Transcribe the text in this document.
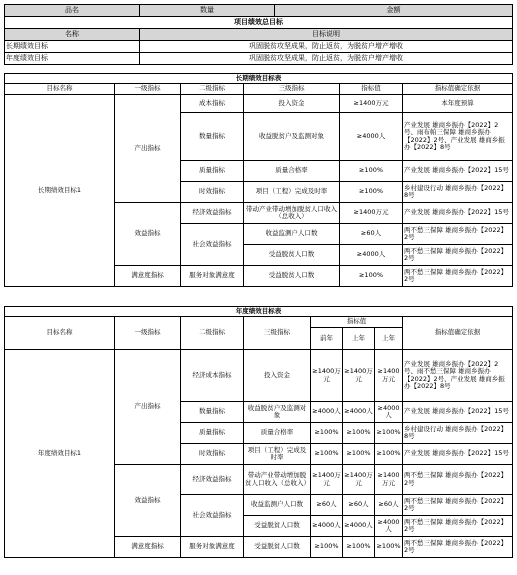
品名	数量	金额
项目绩效总目标		
名称	目标说明	
长期绩效目标	巩固脱贫攻坚成果，防止返贫，为脱贫户增产增收	
年度绩效目标	巩固脱贫攻坚成果，防止返贫，为脱贫户增产增收	
长期绩效目标表					
目标名称	一级指标	二级指标	三级指标	指标值	指标值确定依据
长期绩效目标1	产出指标	成本指标	投入资金	≥1400万元	本年度预算
		数量指标	收益脱贫户及监测对象	≥4000人	产业发展 雄商乡振办【2022】2号、雨布帕三保障 雄商乡振办【2022】2号、产业发展 雄商乡振办【2022】8号
		质量指标	质量合格率	≥100%	产业发展 雄商乡振办【2022】15号
		时效指标	项目（工程）完成及时率	≥100%	乡村建设行动 雄商乡振办【2022】8号
	效益指标	经济效益指标	带动产业带动增加脱贫人口收入（总收入）	≥1400万元	产业发展 雄商乡振办【2022】15号
		社会效益指标	收益监测户人口数	≥60人	两不愁三保障 雄商乡振办【2022】2号
			受益脱贫人口数	≥4000人	两不愁三保障 雄商乡振办【2022】2号
	满意度指标	服务对象满意度	受益脱贫人口数	≥100%	两不愁三保障 雄商乡振办【2022】2号
年度绩效目标表							
目标名称	一级指标	二级指标	三级指标	指标值			指标值确定依据
				前年	上年	上年	
年度绩效目标1	产出指标	经济成本指标	投入资金	≥1400万元	≥1400万元	≥1400万元	产业发展 雄商乡振办【2022】2号、雨不愁三保障 雄商乡振办【2022】2号、产业发展 雄商乡振办【2022】8号
		数量指标	收益脱贫户及监测对象	≥4000人	≥4000人	≥4000人	产业发展 雄商乡振办【2022】15号
		质量指标	质量合格率	≥100%	≥100%	≥100%	乡村建设行动 雄商乡振办【2022】8号
		时效指标	项目（工程）完成及时率	≥100%	≥100%	≥100%	产业发展 雄商乡振办【2022】15号
	效益指标	经济效益指标	带动产业带动增加脱贫人口收入（总收入）	≥1400万元	≥1400万元	≥1400万元	两不愁三保障 雄商乡振办【2022】2号
		社会效益指标	收益监测户人口数	≥60人	≥60人	≥60人	两不愁三保障 雄商乡振办【2022】2号
			受益脱贫人口数	≥4000人	≥4000人	≥4000人	两不愁三保障 雄商乡振办【2022】2号
	满意度指标	服务对象满意度	受益脱贫人口数	≥100%	≥100%	≥100%	两不愁三保障 雄商乡振办【2022】2号
